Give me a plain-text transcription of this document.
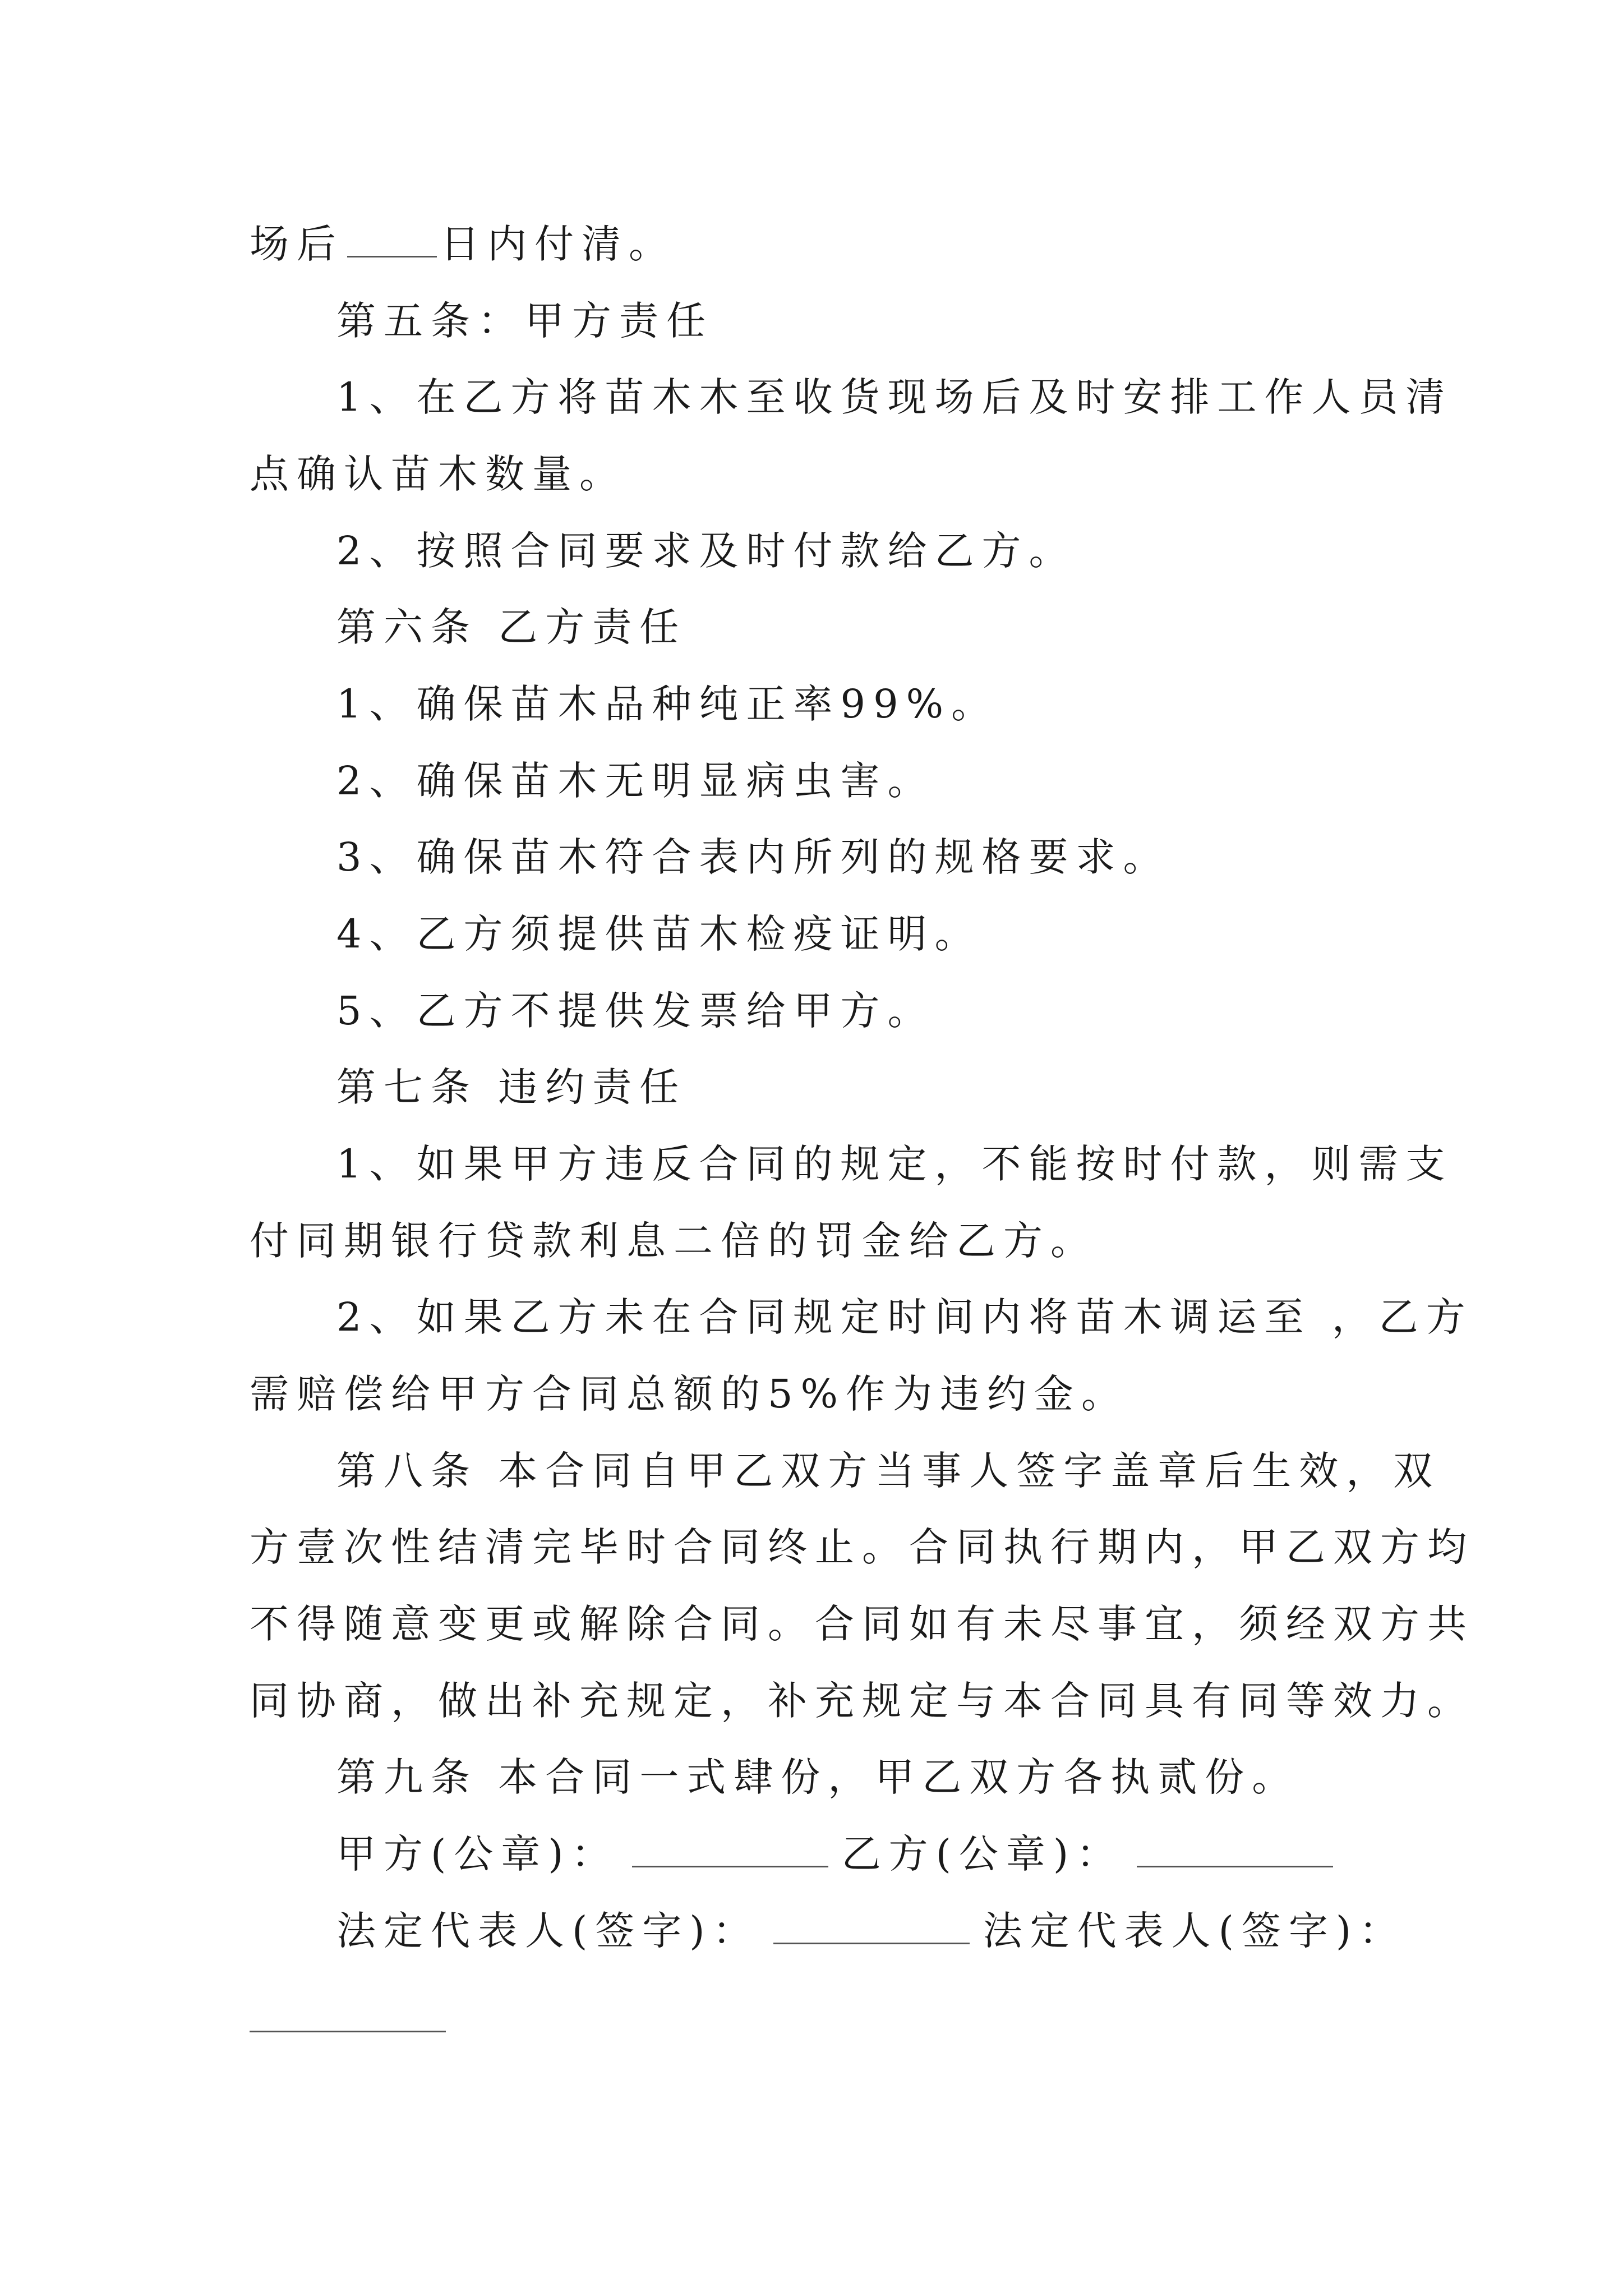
场后 日内付清。
第五条：甲方责任
1、在乙方将苗木木至收货现场后及时安排工作人员清
点确认苗木数量。
2、按照合同要求及时付款给乙方。
第六条 乙方责任
1、确保苗木品种纯正率99%。
2、确保苗木无明显病虫害。
3、确保苗木符合表内所列的规格要求。
4、乙方须提供苗木检疫证明。
5、乙方不提供发票给甲方。
第七条 违约责任
1、如果甲方违反合同的规定，不能按时付款，则需支
付同期银行贷款利息二倍的罚金给乙方。
2、如果乙方未在合同规定时间内将苗木调运至 ，乙方
需赔偿给甲方合同总额的5%作为违约金。
第八条 本合同自甲乙双方当事人签字盖章后生效，双
方壹次性结清完毕时合同终止。合同执行期内，甲乙双方均
不得随意变更或解除合同。合同如有未尽事宜，须经双方共
同协商，做出补充规定，补充规定与本合同具有同等效力。
第九条 本合同一式肆份，甲乙双方各执贰份。
甲方(公章)：	乙方(公章)：
法定代表人(签字)：	法定代表人(签字)：
